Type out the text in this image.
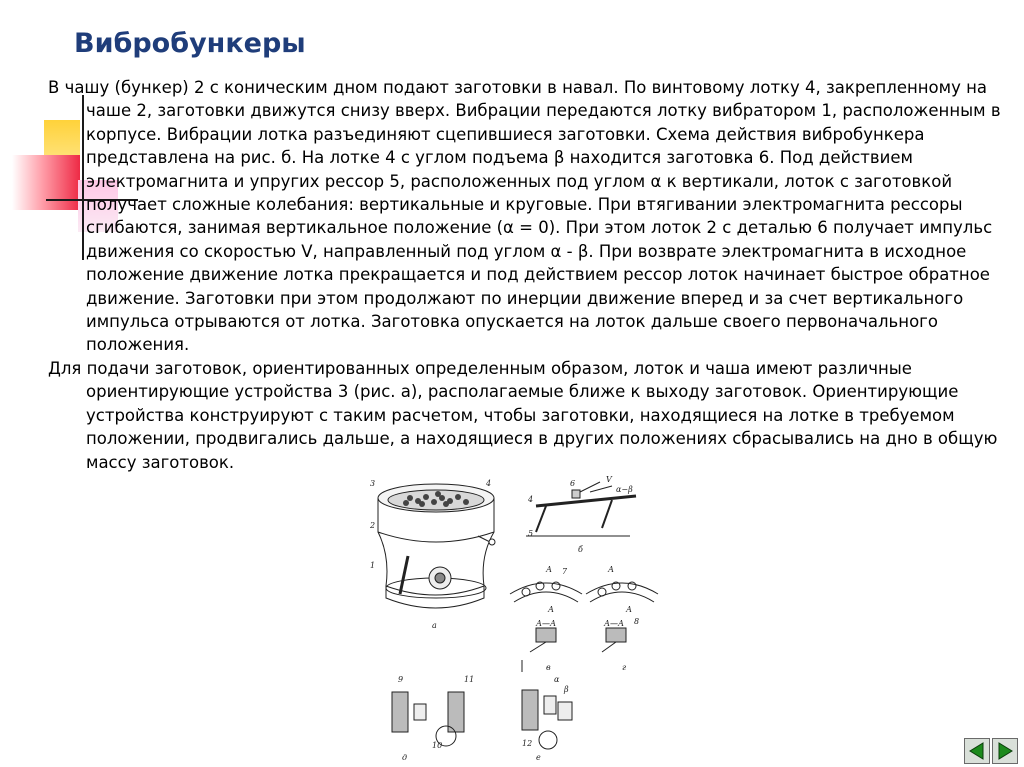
Вибробункеры

В чашу (бункер) 2 с коническим дном подают заготовки в навал. По винтовому лотку 4, закрепленному на чаше 2, заготовки движутся снизу вверх. Вибрации передаются лотку вибратором 1, расположенным в корпусе. Вибрации лотка разъединяют сцепившиеся заготовки. Схема действия вибробункера представлена на рис. б. На лотке 4 с углом подъема β находится заготовка 6. Под действием электромагнита и упругих рессор 5, расположенных под углом α к вертикали, лоток с заготовкой получает сложные колебания: вертикальные и круговые. При втягивании электромагнита рессоры сгибаются, занимая вертикальное положение (α = 0). При этом лоток 2 с деталью 6 получает импульс движения со скоростью V, направленный под углом α - β. При возврате электромагнита в исходное положение движение лотка прекращается и под действием рессор лоток начинает быстрое обратное движение. Заготовки при этом продолжают по инерции движение вперед и за счет вертикального импульса отрываются от лотка. Заготовка опускается на лоток дальше своего первоначального положения.

Для подачи заготовок, ориентированных определенным образом, лоток и чаша имеют различные ориентирующие устройства 3 (рис. а), располагаемые ближе к выходу заготовок. Ориентирующие устройства конструируют с таким расчетом, чтобы заготовки, находящиеся на лотке в требуемом положении, продвигались дальше, а находящиеся в других положениях сбрасывались на дно в общую массу заготовок.

3
2
1
4
а
4
6	V
α−β
5
б
А 7
А
А
А
А—А	А—А 8
в	г
9	11
10
д
12
е
α
β
